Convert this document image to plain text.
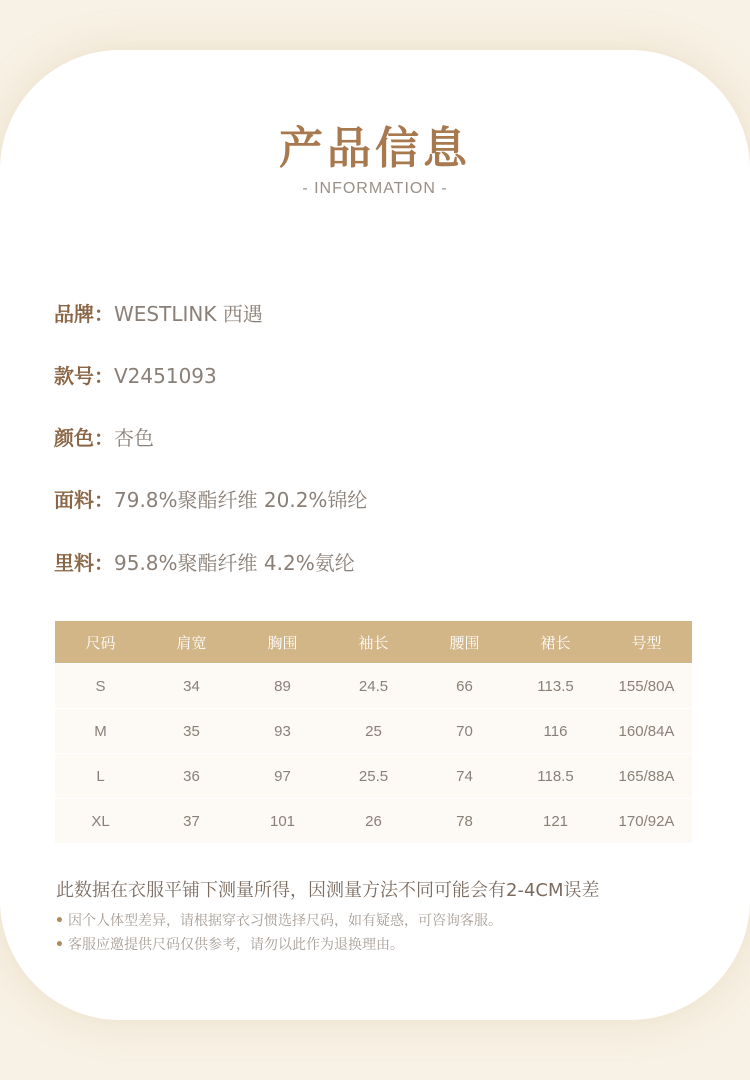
产品信息
- INFORMATION -
品牌：WESTLINK 西遇
款号：V2451093
颜色：杏色
面料：79.8%聚酯纤维 20.2%锦纶
里料：95.8%聚酯纤维 4.2%氨纶
尺码	肩宽	胸围	袖长	腰围	裙长	号型
S	34	89	24.5	66	113.5	155/80A
M	35	93	25	70	116	160/84A
L	36	97	25.5	74	118.5	165/88A
XL	37	101	26	78	121	170/92A
此数据在衣服平铺下测量所得，因测量方法不同可能会有2-4CM误差
• 因个人体型差异，请根据穿衣习惯选择尺码，如有疑惑，可咨询客服。
• 客服应邀提供尺码仅供参考，请勿以此作为退换理由。
